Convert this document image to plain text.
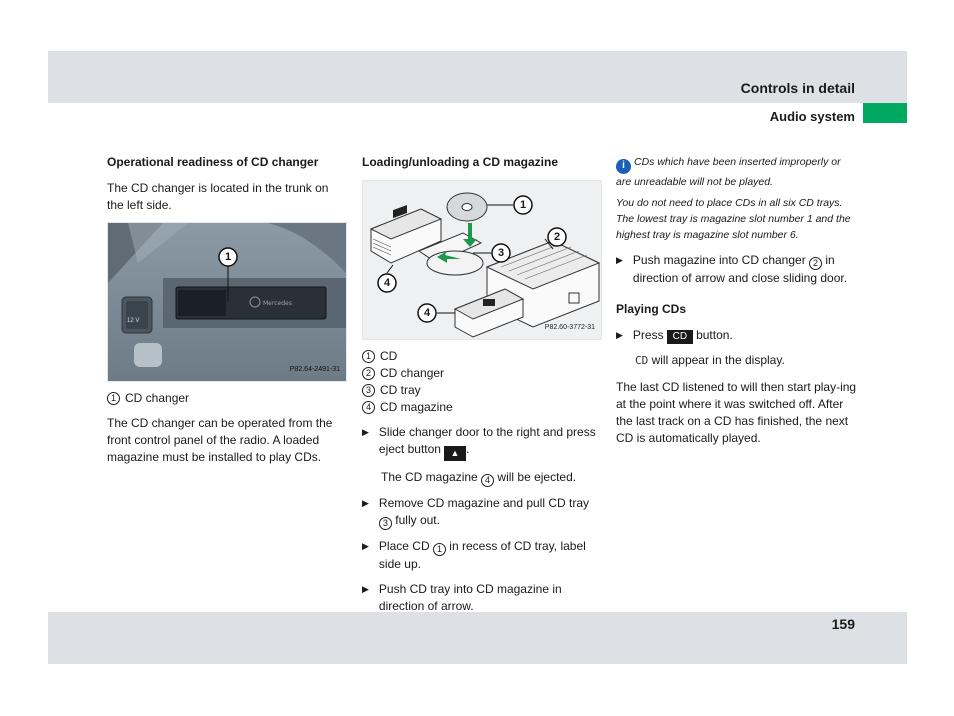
Controls in detail
Audio system
159
Operational readiness of CD changer

The CD changer is located in the trunk on the left side.

Mercedes
1
12 V
P82.64-2491-31
1 CD changer

The CD changer can be operated from the front control panel of the radio. A loaded magazine must be installed to play CDs.

Loading/unloading a CD magazine
1
2
3
4
4
P82.60-3772-31
1 CD
2 CD changer
3 CD tray
4 CD magazine
▶ Slide changer door to the right and press eject button ▲ .

The CD magazine 4 will be ejected.

▶ Remove CD magazine and pull CD tray 3 fully out.
▶ Place CD 1 in recess of CD tray, label side up.
▶ Push CD tray into CD magazine in direction of arrow.

i CDs which have been inserted improperly or are unreadable will not be played.

You do not need to place CDs in all six CD trays. The lowest tray is magazine slot number 1 and the highest tray is magazine slot number 6.

▶ Push magazine into CD changer 2 in direction of arrow and close sliding door.
Playing CDs
▶ Press CD button.

CD will appear in the display.

The last CD listened to will then start play-ing at the point where it was switched off. After the last track on a CD has finished, the next CD is automatically played.
